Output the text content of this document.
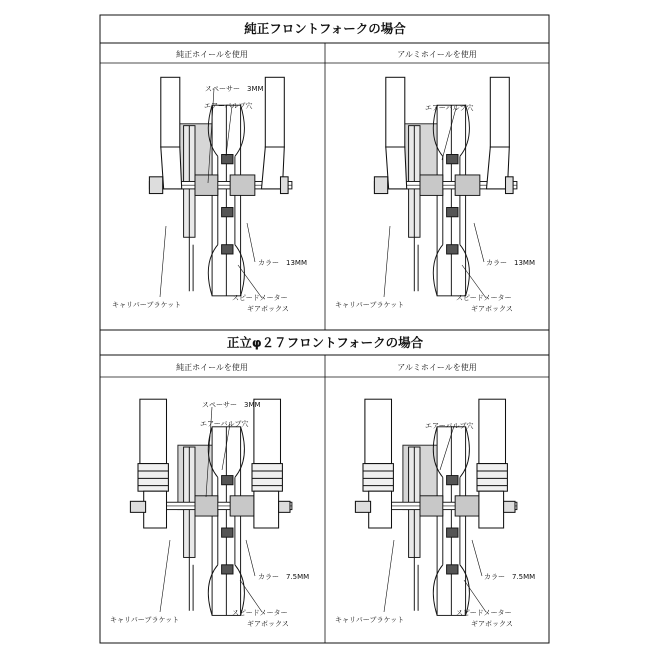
純正フロントフォークの場合
純正ホイールを使用	アルミホイールを使用
スペーサー　3MM
エアーバルブ穴
カラー　13MM
キャリパーブラケット
スピードメーター
ギアボックス
エアーバルブ穴
カラー　13MM
キャリパーブラケット
スピードメーター
ギアボックス
正立φ２７フロントフォークの場合
純正ホイールを使用	アルミホイールを使用
スペーサー　3MM
エアーバルブ穴
カラー　7.5MM
キャリパーブラケット
スピードメーター
ギアボックス
エアーバルブ穴
カラー　7.5MM
キャリパーブラケット
スピードメーター
ギアボックス
